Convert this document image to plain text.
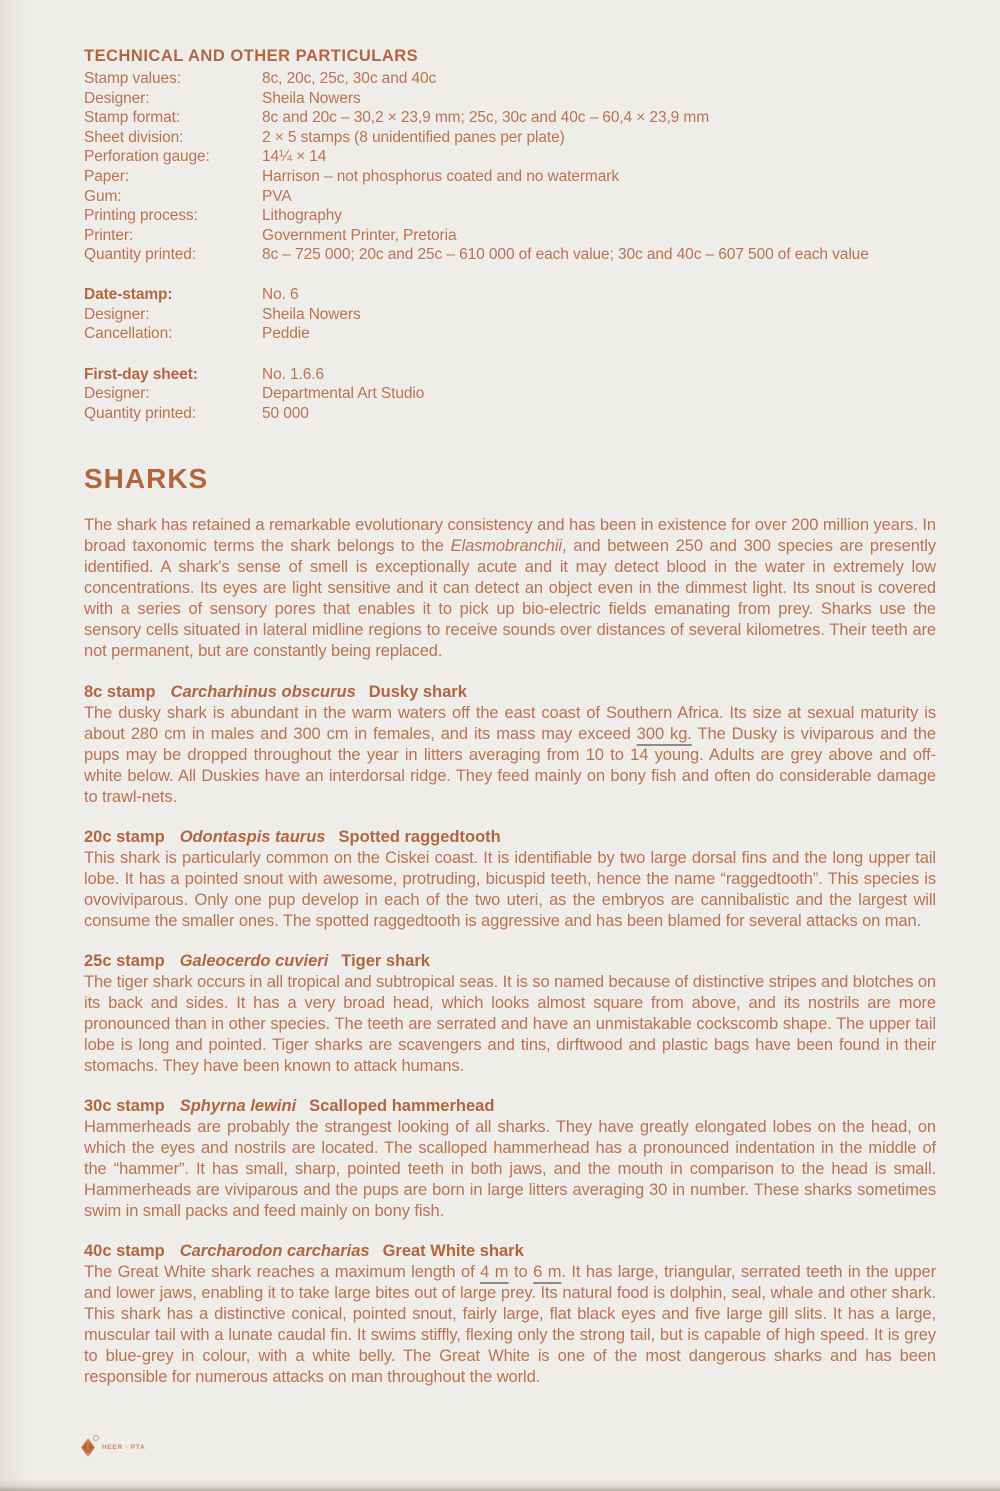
TECHNICAL AND OTHER PARTICULARS
Stamp values:	8c, 20c, 25c, 30c and 40c
Designer:	Sheila Nowers
Stamp format:	8c and 20c – 30,2 × 23,9 mm; 25c, 30c and 40c – 60,4 × 23,9 mm
Sheet division:	2 × 5 stamps (8 unidentified panes per plate)
Perforation gauge:	14¼ × 14
Paper:	Harrison – not phosphorus coated and no watermark
Gum:	PVA
Printing process:	Lithography
Printer:	Government Printer, Pretoria
Quantity printed:	8c – 725 000; 20c and 25c – 610 000 of each value; 30c and 40c – 607 500 of each value
Date-stamp:	No. 6
Designer:	Sheila Nowers
Cancellation:	Peddie
First-day sheet:	No. 1.6.6
Designer:	Departmental Art Studio
Quantity printed:	50 000
SHARKS

The shark has retained a remarkable evolutionary consistency and has been in existence for over 200 million years. In broad taxonomic terms the shark belongs to the Elasmobranchii, and between 250 and 300 species are presently identified. A shark’s sense of smell is exceptionally acute and it may detect blood in the water in extremely low concentrations. Its eyes are light sensitive and it can detect an object even in the dimmest light. Its snout is covered with a series of sensory pores that enables it to pick up bio-electric fields emanating from prey. Sharks use the sensory cells situated in lateral midline regions to receive sounds over distances of several kilometres. Their teeth are not permanent, but are constantly being replaced.

8c stamp Carcharhinus obscurus Dusky shark

The dusky shark is abundant in the warm waters off the east coast of Southern Africa. Its size at sexual maturity is about 280 cm in males and 300 cm in females, and its mass may exceed 300 kg. The Dusky is viviparous and the pups may be dropped throughout the year in litters averaging from 10 to 14 young. Adults are grey above and off-white below. All Duskies have an interdorsal ridge. They feed mainly on bony fish and often do considerable damage to trawl-nets.

20c stamp Odontaspis taurus Spotted raggedtooth

This shark is particularly common on the Ciskei coast. It is identifiable by two large dorsal fins and the long upper tail lobe. It has a pointed snout with awesome, protruding, bicuspid teeth, hence the name “raggedtooth”. This species is ovoviviparous. Only one pup develop in each of the two uteri, as the embryos are cannibalistic and the largest will consume the smaller ones. The spotted raggedtooth is aggressive and has been blamed for several attacks on man.

25c stamp Galeocerdo cuvieri Tiger shark

The tiger shark occurs in all tropical and subtropical seas. It is so named because of distinctive stripes and blotches on its back and sides. It has a very broad head, which looks almost square from above, and its nostrils are more pronounced than in other species. The teeth are serrated and have an unmistakable cockscomb shape. The upper tail lobe is long and pointed. Tiger sharks are scavengers and tins, dirftwood and plastic bags have been found in their stomachs. They have been known to attack humans.

30c stamp Sphyrna lewini Scalloped hammerhead

Hammerheads are probably the strangest looking of all sharks. They have greatly elongated lobes on the head, on which the eyes and nostrils are located. The scalloped hammerhead has a pronounced indentation in the middle of the “hammer”. It has small, sharp, pointed teeth in both jaws, and the mouth in comparison to the head is small. Hammerheads are viviparous and the pups are born in large litters averaging 30 in number. These sharks sometimes swim in small packs and feed mainly on bony fish.

40c stamp Carcharodon carcharias Great White shark

The Great White shark reaches a maximum length of 4 m to 6 m. It has large, triangular, serrated teeth in the upper and lower jaws, enabling it to take large bites out of large prey. Its natural food is dolphin, seal, whale and other shark. This shark has a distinctive conical, pointed snout, fairly large, flat black eyes and five large gill slits. It has a large, muscular tail with a lunate caudal fin. It swims stiffly, flexing only the strong tail, but is capable of high speed. It is grey to blue-grey in colour, with a white belly. The Great White is one of the most dangerous sharks and has been responsible for numerous attacks on man throughout the world.

HEER · PTA
